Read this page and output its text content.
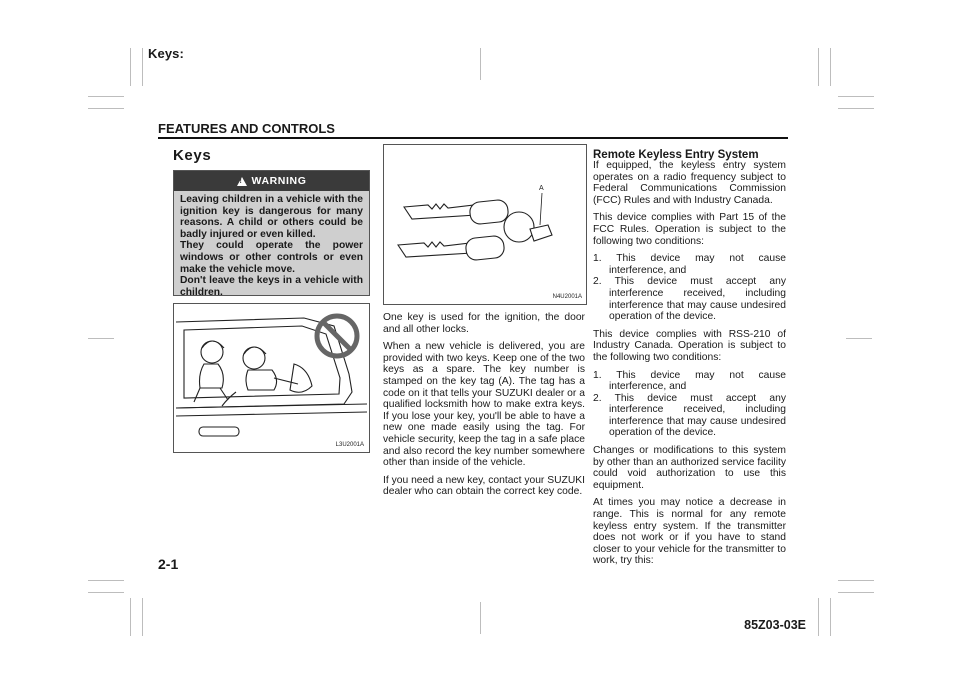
Keys:
FEATURES AND CONTROLS
Keys
!
WARNING
Leaving children in a vehicle with the ignition key is dangerous for many reasons. A child or others could be badly injured or even killed.
They could operate the power windows or other controls or even make the vehicle move.
Don't leave the keys in a vehicle with children.
L3U2001A
A
N4U2001A

One key is used for the ignition, the door and all other locks.

When a new vehicle is delivered, you are provided with two keys. Keep one of the two keys as a spare. The key number is stamped on the key tag (A). The tag has a code on it that tells your SUZUKI dealer or a qualified locksmith how to make extra keys. If you lose your key, you'll be able to have a new one made easily using the tag. For vehicle security, keep the tag in a safe place and also record the key number somewhere other than inside of the vehicle.

If you need a new key, contact your SUZUKI dealer who can obtain the correct key code.

Remote Keyless Entry System

If equipped, the keyless entry system operates on a radio frequency subject to Federal Communications Commission (FCC) Rules and with Industry Canada.

This device complies with Part 15 of the FCC Rules. Operation is subject to the following two conditions:

1. This device may not cause interference, and
2. This device must accept any interference received, including interference that may cause undesired operation of the device.

This device complies with RSS-210 of Industry Canada. Operation is subject to the following two conditions:

1. This device may not cause interference, and
2. This device must accept any interference received, including interference that may cause undesired operation of the device.

Changes or modifications to this system by other than an authorized service facility could void authorization to use this equipment.

At times you may notice a decrease in range. This is normal for any remote keyless entry system. If the transmitter does not work or if you have to stand closer to your vehicle for the transmitter to work, try this:

2-1
85Z03-03E
